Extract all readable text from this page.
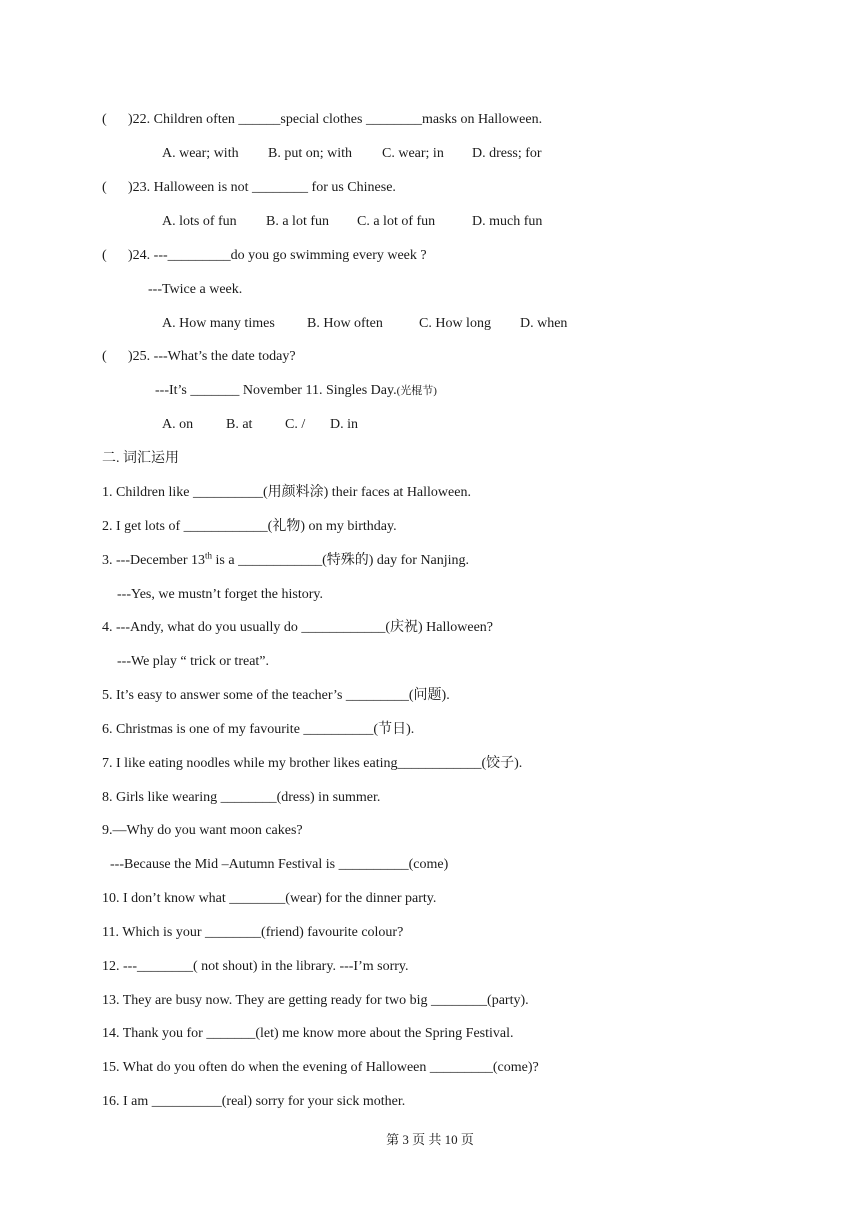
( )22. Children often ______special clothes ________masks on Halloween.
A. wear; with B. put on; with C. wear; in D. dress; for
( )23. Halloween is not ________ for us Chinese.
A. lots of fun B. a lot fun C. a lot of fun	D. much fun
( )24. ---_________do you go swimming every week ?
---Twice a week.
A. How many times B. How often	C. How long D. when
( )25. ---What’s the date today?
---It’s _______ November 11. Singles Day.(光棍节)
A. on B. at C. / D. in
二. 词汇运用
1. Children like __________(用颜料涂) their faces at Halloween.
2. I get lots of ____________(礼物) on my birthday.
3. ---December 13th is a ____________(特殊的) day for Nanjing.
---Yes, we mustn’t forget the history.
4. ---Andy, what do you usually do ____________(庆祝) Halloween?
---We play “ trick or treat”.
5. It’s easy to answer some of the teacher’s _________(问题).
6. Christmas is one of my favourite __________(节日).
7. I like eating noodles while my brother likes eating____________(饺子).
8. Girls like wearing ________(dress) in summer.
9.—Why do you want moon cakes?
---Because the Mid –Autumn Festival is __________(come)
10. I don’t know what ________(wear) for the dinner party.
11. Which is your ________(friend) favourite colour?
12. ---________( not shout) in the library. ---I’m sorry.
13. They are busy now. They are getting ready for two big ________(party).
14. Thank you for _______(let) me know more about the Spring Festival.
15. What do you often do when the evening of Halloween _________(come)?
16. I am __________(real) sorry for your sick mother.
第 3 页 共 10 页
